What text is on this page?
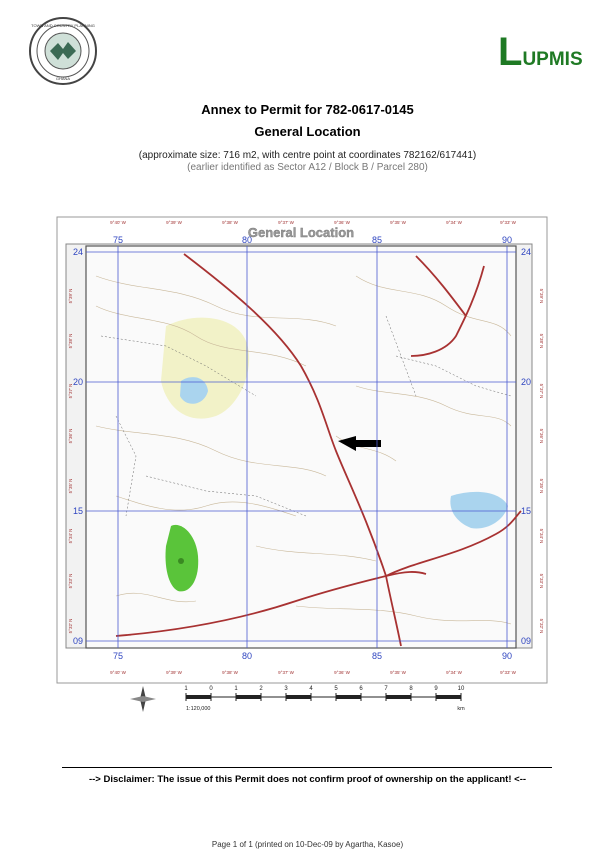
TOWN AND COUNTRY PLANNING
GHANA
LUPMIS
Annex to Permit for 782-0617-0145
General Location
(approximate size: 716 m2, with centre point at coordinates 782162/617441)
(earlier identified as Sector A12 / Block B / Parcel 280)
General Location
75	80	85	90
75	80	85	90
24
20
15
09
24
20
15
09
9°40' W	9°39' W	9°38' W	9°37' W	9°36' W	9°35' W	9°34' W	9°33' W
9°40' W	9°39' W	9°38' W	9°37' W	9°36' W	9°35' W	9°34' W	9°33' W
5°39' N
5°38' N
5°37' N
5°36' N
5°35' N
5°34' N
5°33' N
5°32' N
5°39' N
5°38' N
5°37' N
5°36' N
5°35' N
5°34' N
5°33' N
5°32' N
1	0	1	2	3	4	5	6	7	8	9	10
1:120,000	km
--> Disclaimer: The issue of this Permit does not confirm proof of ownership on the applicant! <--
Page 1 of 1 (printed on 10-Dec-09 by Agartha, Kasoe)
